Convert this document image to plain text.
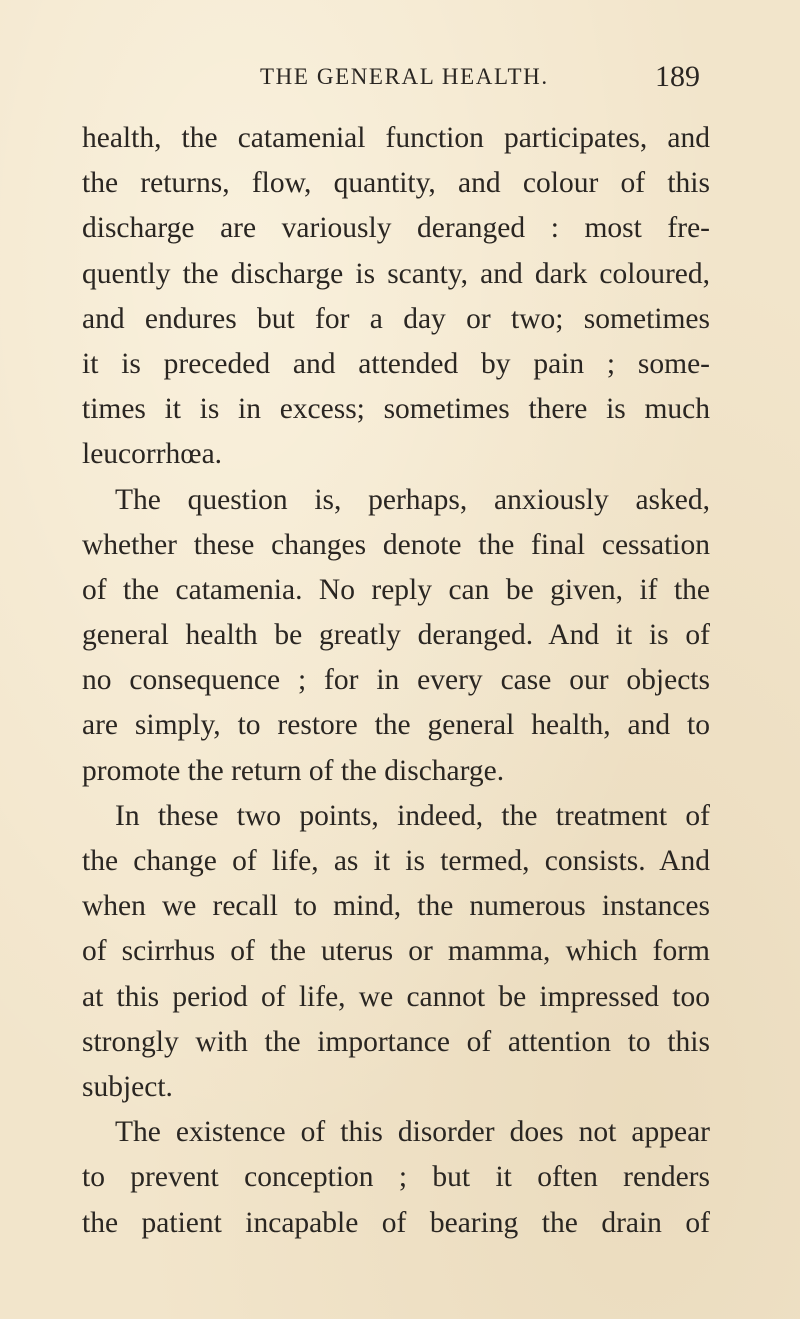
THE GENERAL HEALTH.	189
health, the catamenial function participates, and
the returns, flow, quantity, and colour of this
discharge are variously deranged : most fre-
quently the discharge is scanty, and dark coloured,
and endures but for a day or two; sometimes
it is preceded and attended by pain ; some-
times it is in excess; sometimes there is much
leucorrhœa.
The question is, perhaps, anxiously asked,
whether these changes denote the final cessation
of the catamenia. No reply can be given, if the
general health be greatly deranged. And it is of
no consequence ; for in every case our objects
are simply, to restore the general health, and to
promote the return of the discharge.
In these two points, indeed, the treatment of
the change of life, as it is termed, consists. And
when we recall to mind, the numerous instances
of scirrhus of the uterus or mamma, which form
at this period of life, we cannot be impressed too
strongly with the importance of attention to this
subject.
The existence of this disorder does not appear
to prevent conception ; but it often renders
the patient incapable of bearing the drain of
